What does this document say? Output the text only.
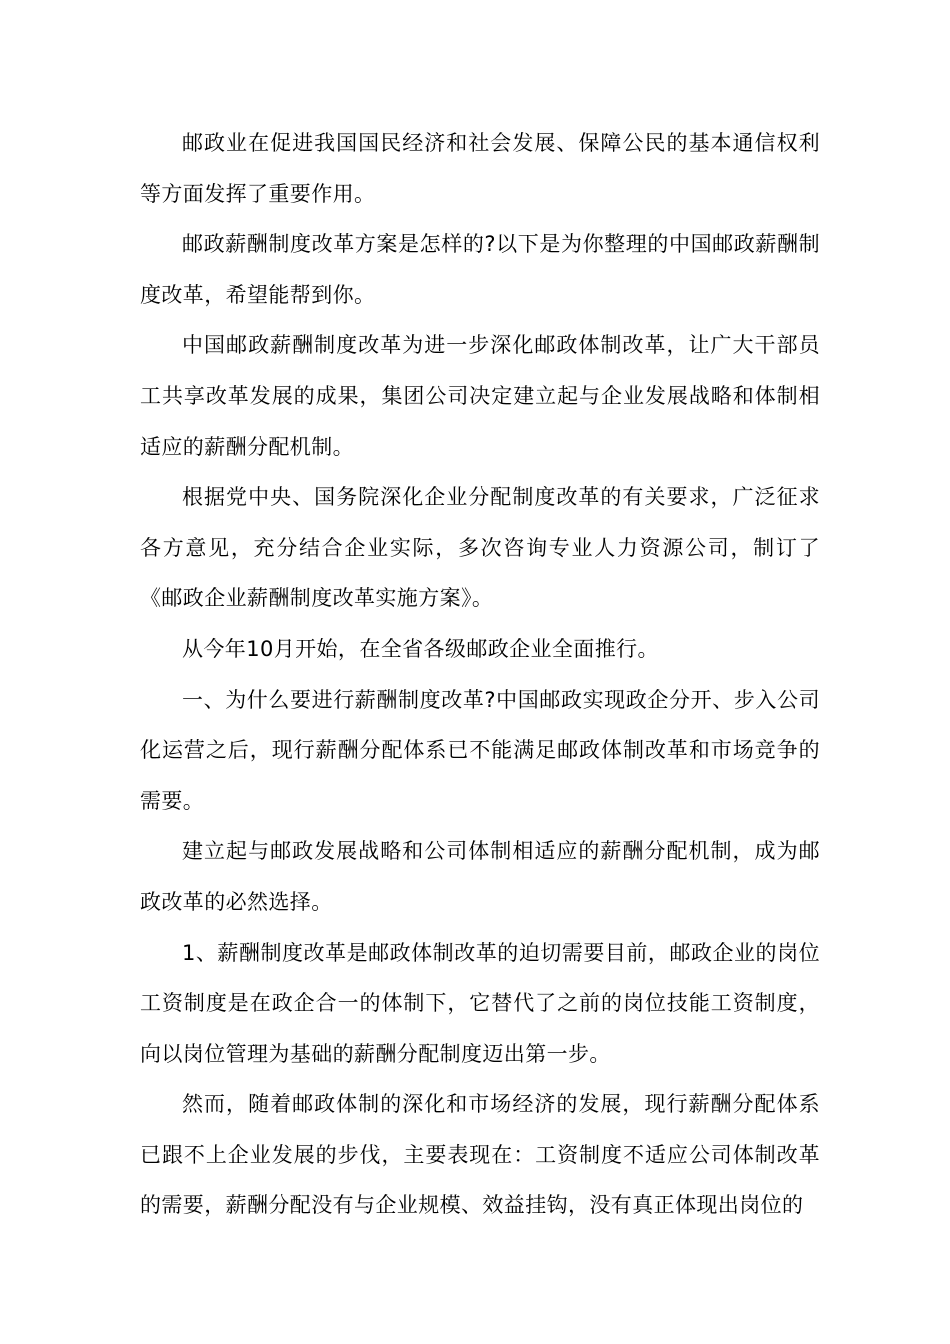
邮政业在促进我国国民经济和社会发展、保障公民的基本通信权利等方面发挥了重要作用。

邮政薪酬制度改革方案是怎样的?以下是为你整理的中国邮政薪酬制度改革，希望能帮到你。

中国邮政薪酬制度改革为进一步深化邮政体制改革，让广大干部员工共享改革发展的成果，集团公司决定建立起与企业发展战略和体制相适应的薪酬分配机制。

根据党中央、国务院深化企业分配制度改革的有关要求，广泛征求各方意见，充分结合企业实际，多次咨询专业人力资源公司，制订了《邮政企业薪酬制度改革实施方案》。

从今年10月开始，在全省各级邮政企业全面推行。

一、为什么要进行薪酬制度改革?中国邮政实现政企分开、步入公司化运营之后，现行薪酬分配体系已不能满足邮政体制改革和市场竞争的需要。

建立起与邮政发展战略和公司体制相适应的薪酬分配机制，成为邮政改革的必然选择。

1、薪酬制度改革是邮政体制改革的迫切需要目前，邮政企业的岗位工资制度是在政企合一的体制下，它替代了之前的岗位技能工资制度，向以岗位管理为基础的薪酬分配制度迈出第一步。

然而，随着邮政体制的深化和市场经济的发展，现行薪酬分配体系已跟不上企业发展的步伐，主要表现在：工资制度不适应公司体制改革的需要，薪酬分配没有与企业规模、效益挂钩，没有真正体现出岗位的
